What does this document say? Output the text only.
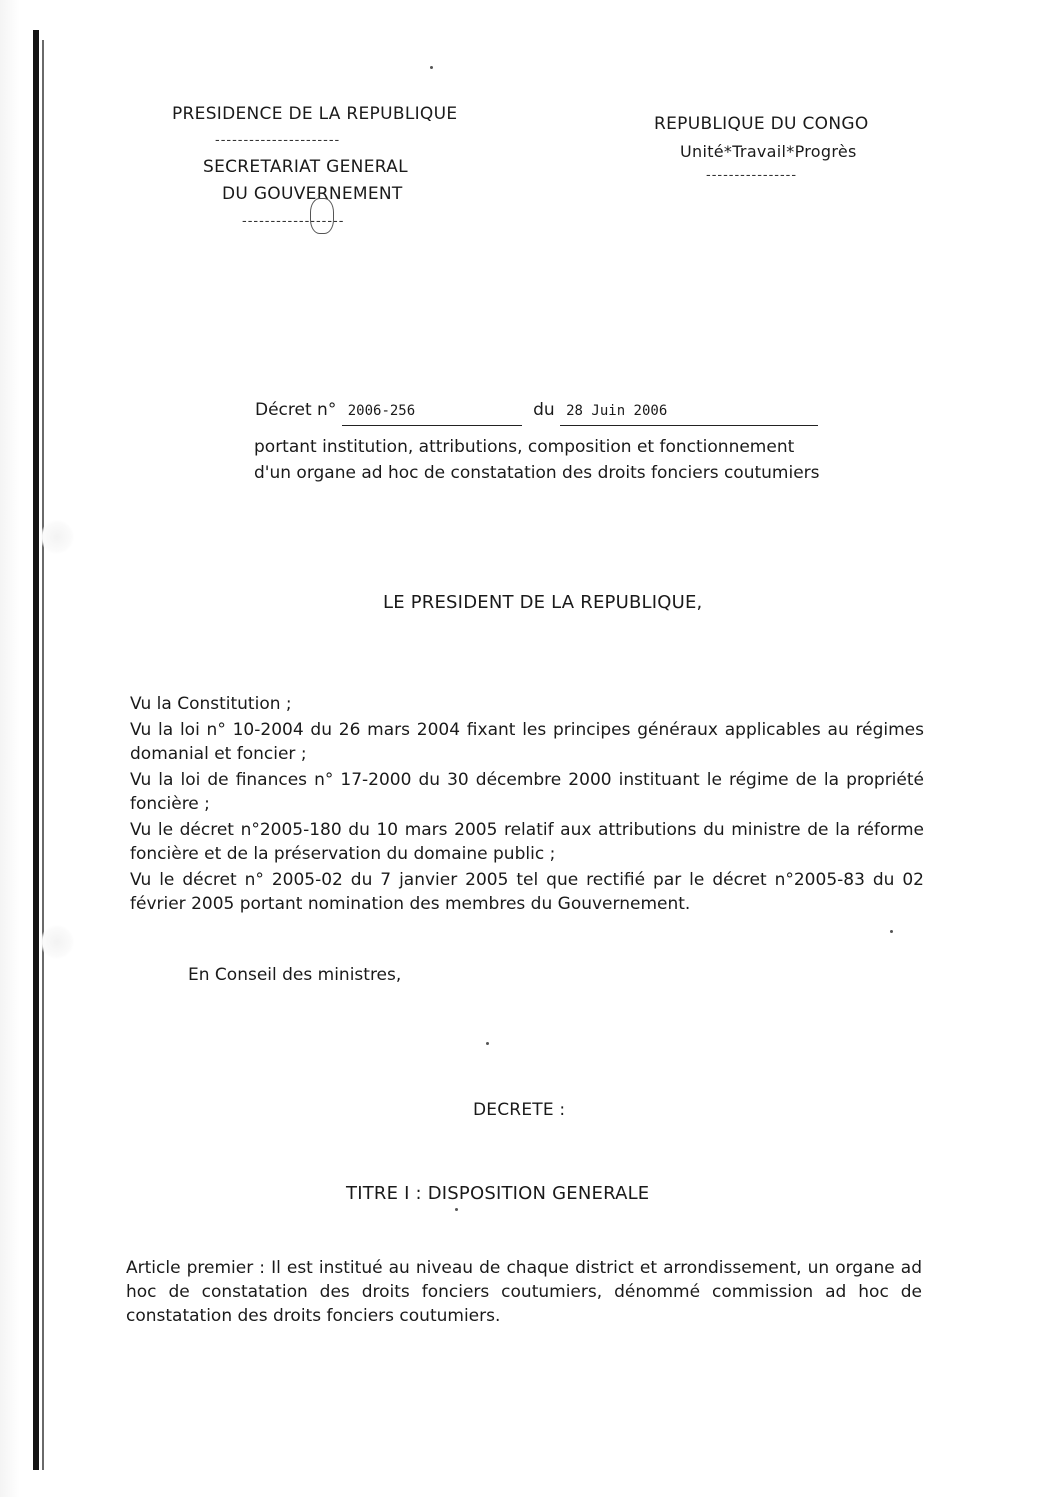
PRESIDENCE DE LA REPUBLIQUE
----------------------
SECRETARIAT GENERAL
DU GOUVERNEMENT
------------------
REPUBLIQUE DU CONGO
Unité*Travail*Progrès
----------------
Décret n° 2006-256	du 28 Juin 2006
portant institution, attributions, composition et fonctionnement
d'un organe ad hoc de constatation des droits fonciers coutumiers
LE PRESIDENT DE LA REPUBLIQUE,
Vu la Constitution ;
Vu la loi n° 10-2004 du 26 mars 2004 fixant les principes généraux applicables au régimes domanial et foncier ;
Vu la loi de finances n° 17-2000 du 30 décembre 2000 instituant le régime de la propriété foncière ;
Vu le décret n°2005-180 du 10 mars 2005 relatif aux attributions du ministre de la réforme foncière et de la préservation du domaine public ;
Vu le décret n° 2005-02 du 7 janvier 2005 tel que rectifié par le décret n°2005-83 du 02 février 2005 portant nomination des membres du Gouvernement.
En Conseil des ministres,
DECRETE :
TITRE I : DISPOSITION GENERALE
Article premier : Il est institué au niveau de chaque district et arrondissement, un organe ad hoc de constatation des droits fonciers coutumiers, dénommé commission ad hoc de constatation des droits fonciers coutumiers.
